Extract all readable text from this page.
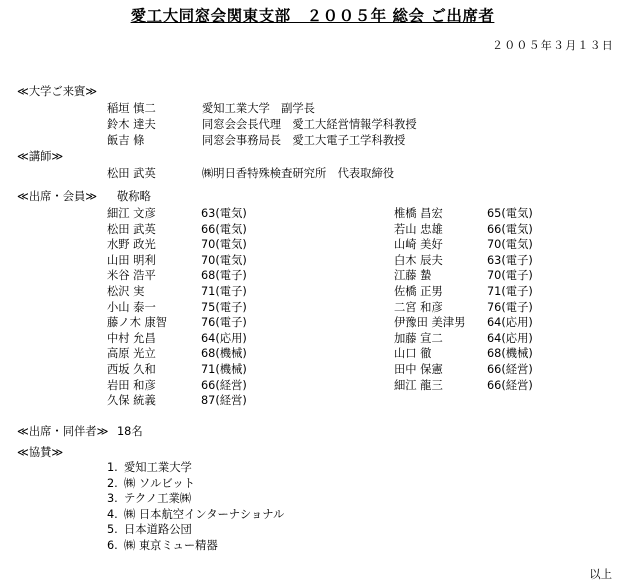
愛工大同窓会関東支部　２００５年 総会 ご出席者
２００５年３月１３日
≪大学ご来賓≫
稲垣 慎二	愛知工業大学　副学長
鈴木 達夫	同窓会会長代理　愛工大経営情報学科教授
飯吉 條	同窓会事務局長　愛工大電子工学科教授
≪講師≫
松田 武英	㈱明日香特殊検査研究所　代表取締役
≪出席・会員≫ 敬称略
細江 文彦	63(電気)
松田 武英	66(電気)
水野 政光	70(電気)
山田 明利	70(電気)
米谷 浩平	68(電子)
松沢 実	71(電子)
小山 泰一	75(電子)
藤ノ木 康智	76(電子)
中村 允昌	64(応用)
高原 光立	68(機械)
西坂 久和	71(機械)
岩田 和彦	66(経営)
久保 統義	87(経営)
椎橋 昌宏	65(電気)
若山 忠雄	66(電気)
山崎 美好	70(電気)
白木 辰夫	63(電子)
江藤 蟄	70(電子)
佐橋 正男	71(電子)
二宮 和彦	76(電子)
伊豫田 美津男 64(応用)
加藤 宣二	64(応用)
山口 徹	68(機械)
田中 保憲	66(経営)
細江 龍三	66(経営)
≪出席・同伴者≫ 18名
≪協賛≫
1. 愛知工業大学
2. ㈱ ソルビット
3. テクノ工業㈱
4. ㈱ 日本航空インターナショナル
5. 日本道路公団
6. ㈱ 東京ミュー精器
以上
